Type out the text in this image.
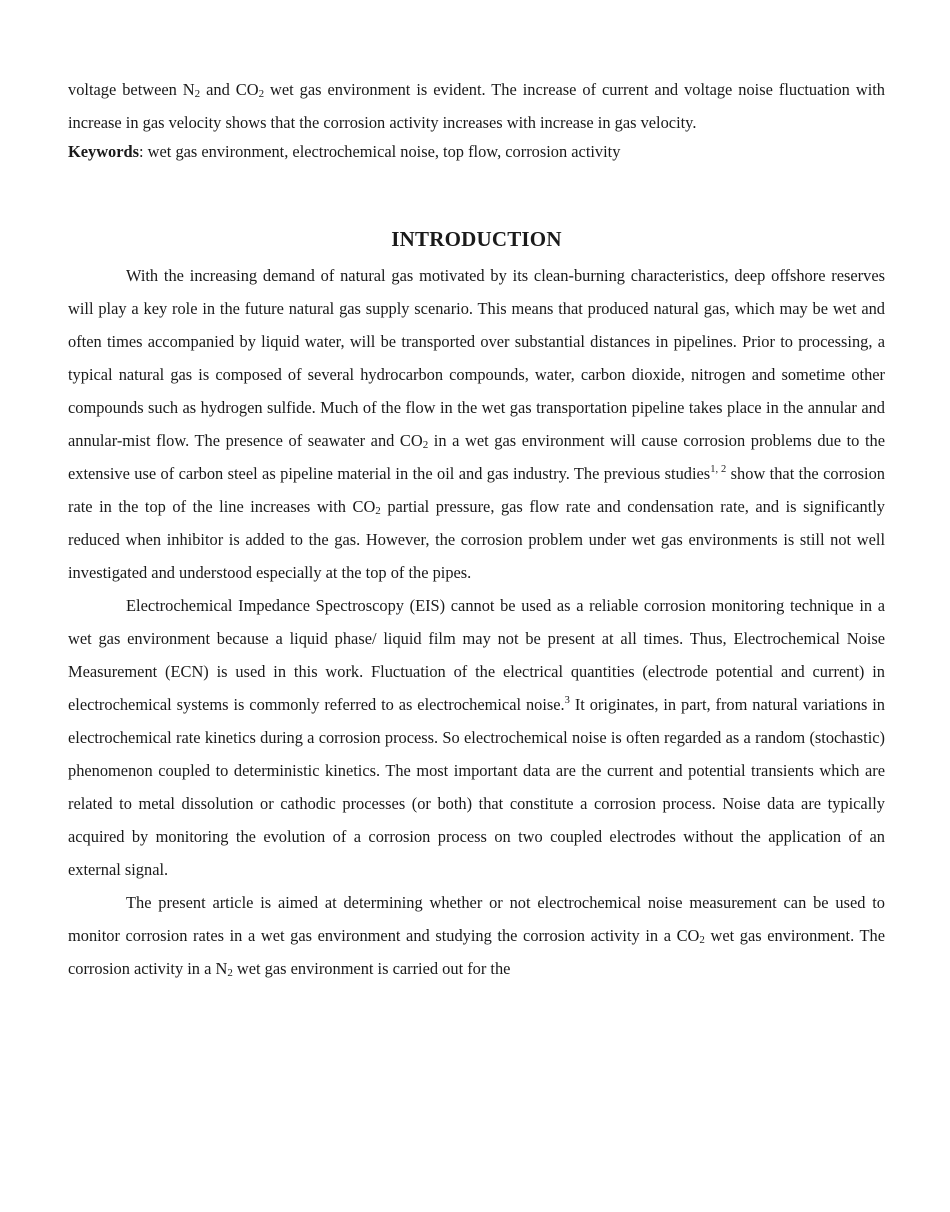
voltage between $N_2$ and $CO_2$ wet gas environment is evident. The increase of current and voltage noise fluctuation with increase in gas velocity shows that the corrosion activity increases with increase in gas velocity.

Keywords: wet gas environment, electrochemical noise, top flow, corrosion activity

INTRODUCTION

With the increasing demand of natural gas motivated by its clean-burning characteristics, deep offshore reserves will play a key role in the future natural gas supply scenario. This means that produced natural gas, which may be wet and often times accompanied by liquid water, will be transported over substantial distances in pipelines. Prior to processing, a typical natural gas is composed of several hydrocarbon compounds, water, carbon dioxide, nitrogen and sometime other compounds such as hydrogen sulfide. Much of the flow in the wet gas transportation pipeline takes place in the annular and annular-mist flow. The presence of seawater and $CO_2$ in a wet gas environment will cause corrosion problems due to the extensive use of carbon steel as pipeline material in the oil and gas industry. The previous studies$^{1, 2}$ show that the corrosion rate in the top of the line increases with $CO_2$ partial pressure, gas flow rate and condensation rate, and is significantly reduced when inhibitor is added to the gas. However, the corrosion problem under wet gas environments is still not well investigated and understood especially at the top of the pipes.

Electrochemical Impedance Spectroscopy (EIS) cannot be used as a reliable corrosion monitoring technique in a wet gas environment because a liquid phase/ liquid film may not be present at all times. Thus, Electrochemical Noise Measurement (ECN) is used in this work. Fluctuation of the electrical quantities (electrode potential and current) in electrochemical systems is commonly referred to as electrochemical noise.$^3$ It originates, in part, from natural variations in electrochemical rate kinetics during a corrosion process. So electrochemical noise is often regarded as a random (stochastic) phenomenon coupled to deterministic kinetics. The most important data are the current and potential transients which are related to metal dissolution or cathodic processes (or both) that constitute a corrosion process. Noise data are typically acquired by monitoring the evolution of a corrosion process on two coupled electrodes without the application of an external signal.

The present article is aimed at determining whether or not electrochemical noise measurement can be used to monitor corrosion rates in a wet gas environment and studying the corrosion activity in a $CO_2$ wet gas environment. The corrosion activity in a $N_2$ wet gas environment is carried out for the
